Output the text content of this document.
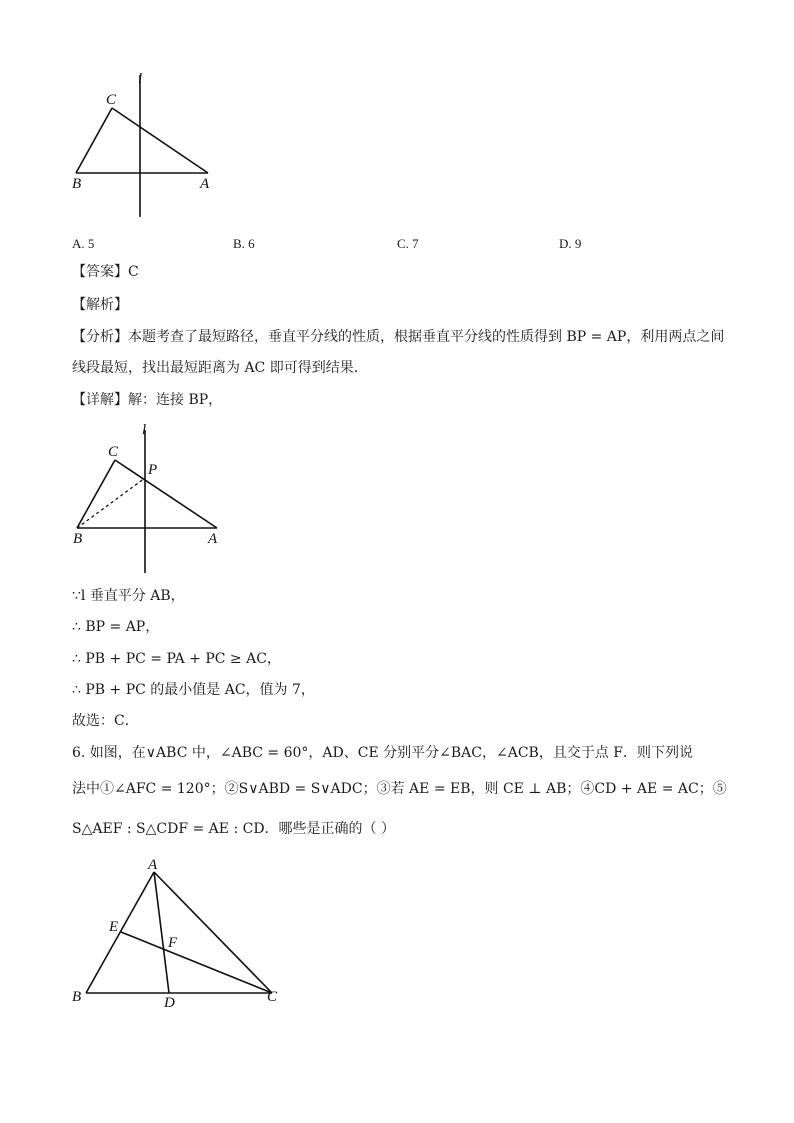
l
C
B	A
A. 5	B. 6	C. 7	D. 9
【答案】C
【解析】
【分析】本题考查了最短路径，垂直平分线的性质，根据垂直平分线的性质得到 BP = AP，利用两点之间
线段最短，找出最短距离为 AC 即可得到结果．
【详解】解：连接 BP，
l
C
P
B	A
∵l 垂直平分 AB，
∴ BP = AP，
∴ PB + PC = PA + PC ≥ AC，
∴ PB + PC 的最小值是 AC，值为 7，
故选：C．
6. 如图，在∨ABC 中，∠ABC = 60°，AD、CE 分别平分∠BAC，∠ACB，且交于点 F．则下列说
法中①∠AFC = 120°；②S∨ABD = S∨ADC；③若 AE = EB，则 CE ⊥ AB；④CD + AE = AC；⑤
S△AEF : S△CDF = AE : CD．哪些是正确的（ ）
A
E
F
B	D	C
